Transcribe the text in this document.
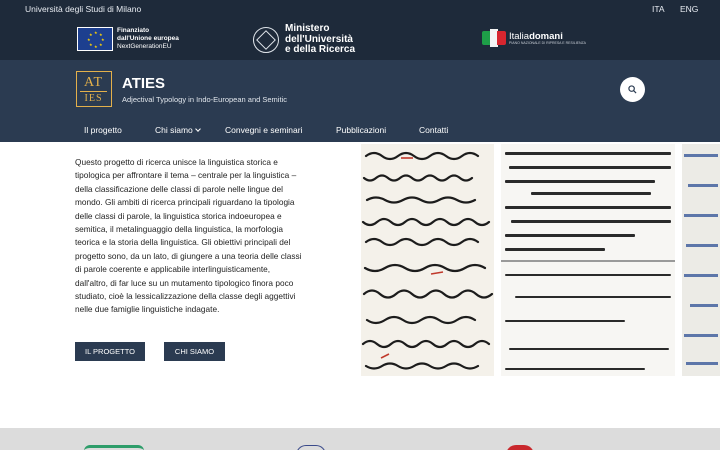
Università degli Studi di Milano	ITA ENG
★ ★
★
★
★
★
★
★
Finanziato
dall'Unione europea
NextGenerationEU
Ministero
dell'Università
e della Ricerca
Italiadomani
PIANO NAZIONALE DI RIPRESA E RESILIENZA
AT
IES
ATIES
Adjectival Typology in Indo-European and Semitic
Il progetto	Chi siamo	Convegni e seminari	Pubblicazioni	Contatti

Questo progetto di ricerca unisce la linguistica storica e tipologica per affrontare il tema – centrale per la linguistica – della classificazione delle classi di parole nelle lingue del mondo. Gli ambiti di ricerca principali riguardano la tipologia delle classi di parole, la linguistica storica indoeuropea e semitica, il metalinguaggio della linguistica, la morfologia teorica e la storia della linguistica. Gli obiettivi principali del progetto sono, da un lato, di giungere a una teoria delle classi di parole coerente e applicabile interlinguisticamente, dall'altro, di far luce su un mutamento tipologico finora poco studiato, cioè la lessicalizzazione della classe degli aggettivi nelle due famiglie linguistiche indagate.

IL PROGETTO	CHI SIAMO
